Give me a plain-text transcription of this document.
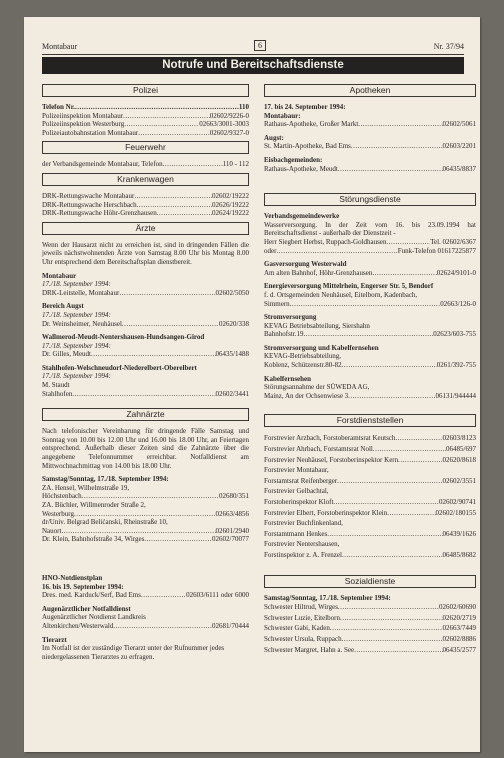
Montabaur	6	Nr. 37/94
Notrufe und Bereitschaftsdienste
Polizei
Telefon Nr. .....	110
Polizeiinspektion Montabaur .....	02602/9226-0
Polizeiinspektion Westerburg .....	02663/3001-3003
Polizeiautobahnstation Montabaur .....	02602/9327-0
Feuerwehr
der Verbandsgemeinde Montabaur, Telefon .....	110 - 112
Krankenwagen
DRK-Rettungswache Montabaur .....	02602/19222
DRK-Rettungswache Herschbach .....	02626/19222
DRK-Rettungswache Höhr-Grenzhausen .....	02624/19222
Ärzte

Wenn der Hausarzt nicht zu erreichen ist, sind in dringenden Fällen die jeweils nächstwohnenden Ärzte von Samstag 8.00 Uhr bis Montag 8.00 Uhr entsprechend dem Bereitschaftsplan dienstbereit.

Montabaur
17./18. September 1994:
DRK-Leitstelle, Montabaur .....	02602/5050
Bereich Augst
17./18. September 1994:
Dr. Weinsheimer, Neuhäusel .....	02620/338
Wallmerod-Meudt-Nentershausen-Hundsangen-Girod
17./18. September 1994:
Dr. Gilles, Meudt .....	06435/1488
Stahlhofen-Welschneudorf-Niederelbert-Oberelbert
17./18. September 1994:
M. Staudt
Stahlhofen .....	02602/3441
Zahnärzte

Nach telefonischer Vereinbarung für dringende Fälle Samstag und Sonntag von 10.00 bis 12.00 Uhr und 16.00 bis 18.00 Uhr, an Feiertagen entsprechend. Außerhalb dieser Zeiten sind die Zahnärzte über die angegebene Telefonnummer erreichbar. Notfalldienst am Mittwochnachmittag von 14.00 bis 18.00 Uhr.

Samstag/Sonntag, 17./18. September 1994:
ZA. Hensel, Wilhelmstraße 19,
Höchstenbach .....	02680/351
ZA. Büchler, Willmenroder Straße 2,
Westerburg .....	02663/4856
dr/Univ. Belgrad Belićanski, Rheinstraße 10,
Nauort .....	02601/2940
Dr. Klein, Bahnhofstraße 34, Wirges .....	02602/70077
HNO-Notdienstplan
16. bis 19. September 1994:
Dres. med. Karduck/Serf, Bad Ems .....	02603/6111 oder 6000
Augenärztlicher Notfalldienst
Augenärztlicher Notdienst Landkreis
Altenkirchen/Westerwald .....	02681/70444
Tierarzt

Im Notfall ist der zuständige Tierarzt unter der Rufnummer jedes niedergelassenen Tierarztes zu erfragen.

Apotheken
17. bis 24. September 1994:
Montabaur:
Rathaus-Apotheke, Großer Markt .....	02602/5061
Augst:
St. Martin-Apotheke, Bad Ems .....	02603/2201
Eisbachgemeinden:
Rathaus-Apotheke, Meudt .....	06435/8837
Störungsdienste
Verbandsgemeindewerke

Wasserversorgung. In der Zeit vom 16. bis 23.09.1994 hat Bereitschaftsdienst - außerhalb der Dienstzeit -

Herr Siegbert Herbst, Ruppach-Goldhausen .....	Tel. 02602/6367
oder .....	Funk-Telefon 01617225877
Gasversorgung Westerwald
Am alten Bahnhof, Höhr-Grenzhausen .....	02624/9101-0
Energieversorgung Mittelrhein, Engerser Str. 5, Bendorf
f. d. Ortsgemeinden Neuhäusel, Eitelborn, Kadenbach,
Simmern .....	02663/126-0
Stromversorgung
KEVAG Betriebsabteilung, Siershahn
Bahnhofstr.19 .....	02623/603-755
Stromversorgung und Kabelfernsehen
KEVAG-Betriebsabteilung,
Koblenz, Schützenstr.80-82 .....	0261/392-755
Kabelfernsehen
Störungsannahme der SÜWEDA AG,
Mainz, An der Ochsenwiese 3 .....	06131/944444
Forstdienststellen
Forstrevier Arzbach, Forstoberamtsrat Keutsch .....	02603/8123
Forstrevier Ahrbach, Forstamtsrat Noll .....	06485/697
Forstrevier Neuhäusel, Forstoberinspektor Kern .....	02620/8618
Forstrevier Montabaur,
Forstamtsrat Reifenberger .....	02602/3551
Forstrevier Gelbachtal,
Forstoberinspektor Kloft .....	02602/90741
Forstrevier Elbert, Forstoberinspektor Klein .....	02602/180155
Forstrevier Buchfinkenland,
Forstamtmann Henkes .....	06439/1626
Forstrevier Nentershausen,
Forstinspektor z. A. Frenzel .....	06485/8682
Sozialdienste
Samstag/Sonntag, 17./18. September 1994:
Schwester Hiltrud, Wirges .....	02602/60690
Schwester Luzie, Eitelborn .....	02620/2719
Schwester Gabi, Kaden .....	02663/7449
Schwester Ursula, Ruppach .....	02602/8886
Schwester Margret, Hahn a. See .....	06435/2577
